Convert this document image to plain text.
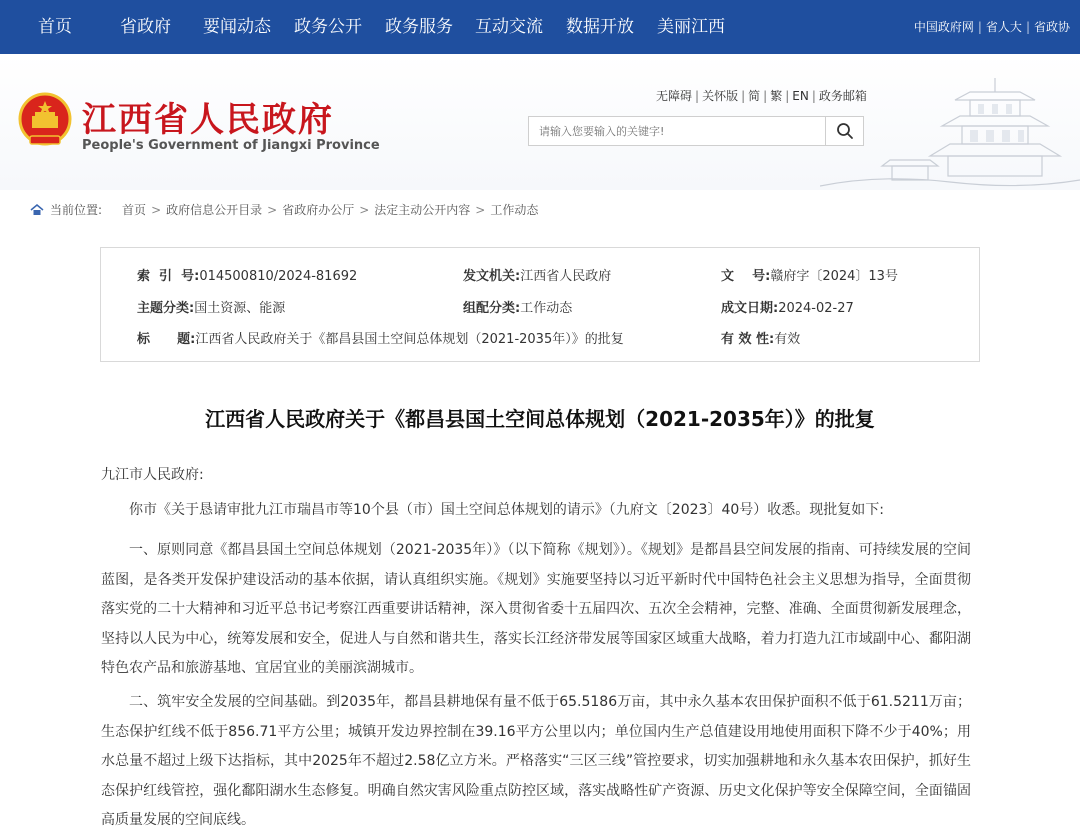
首页	省政府 要闻动态 政务公开 政务服务 互动交流 数据开放 美丽江西	中国政府网 | 省人大 | 省政协
江西省人民政府
People's Government of Jiangxi Province
无障碍 | 关怀版 | 简 | 繁 | EN | 政务邮箱
请输入您要输入的关键字!
当前位置: 首页 > 政府信息公开目录 > 省政府办公厅 > 法定主动公开内容 > 工作动态
索  引  号:014500810/2024-81692	发文机关:江西省人民政府	文    号:赣府字〔2024〕13号
主题分类:国土资源、能源	组配分类:工作动态	成文日期:2024-02-27
标      题:江西省人民政府关于《都昌县国土空间总体规划（2021-2035年）》的批复	有 效 性:有效
江西省人民政府关于《都昌县国土空间总体规划（2021-2035年）》的批复
九江市人民政府:

你市《关于恳请审批九江市瑞昌市等10个县（市）国土空间总体规划的请示》（九府文〔2023〕40号）收悉。现批复如下:

一、原则同意《都昌县国土空间总体规划（2021-2035年）》（以下简称《规划》）。《规划》是都昌县空间发展的指南、可持续发展的空间蓝图，是各类开发保护建设活动的基本依据，请认真组织实施。《规划》实施要坚持以习近平新时代中国特色社会主义思想为指导，全面贯彻落实党的二十大精神和习近平总书记考察江西重要讲话精神，深入贯彻省委十五届四次、五次全会精神，完整、准确、全面贯彻新发展理念，坚持以人民为中心，统筹发展和安全，促进人与自然和谐共生，落实长江经济带发展等国家区域重大战略，着力打造九江市域副中心、鄱阳湖特色农产品和旅游基地、宜居宜业的美丽滨湖城市。

二、筑牢安全发展的空间基础。到2035年，都昌县耕地保有量不低于65.5186万亩，其中永久基本农田保护面积不低于61.5211万亩；生态保护红线不低于856.71平方公里；城镇开发边界控制在39.16平方公里以内；单位国内生产总值建设用地使用面积下降不少于40%；用水总量不超过上级下达指标，其中2025年不超过2.58亿立方米。严格落实“三区三线”管控要求，切实加强耕地和永久基本农田保护，抓好生态保护红线管控，强化鄱阳湖水生态修复。明确自然灾害风险重点防控区域，落实战略性矿产资源、历史文化保护等安全保障空间，全面锚固高质量发展的空间底线。
